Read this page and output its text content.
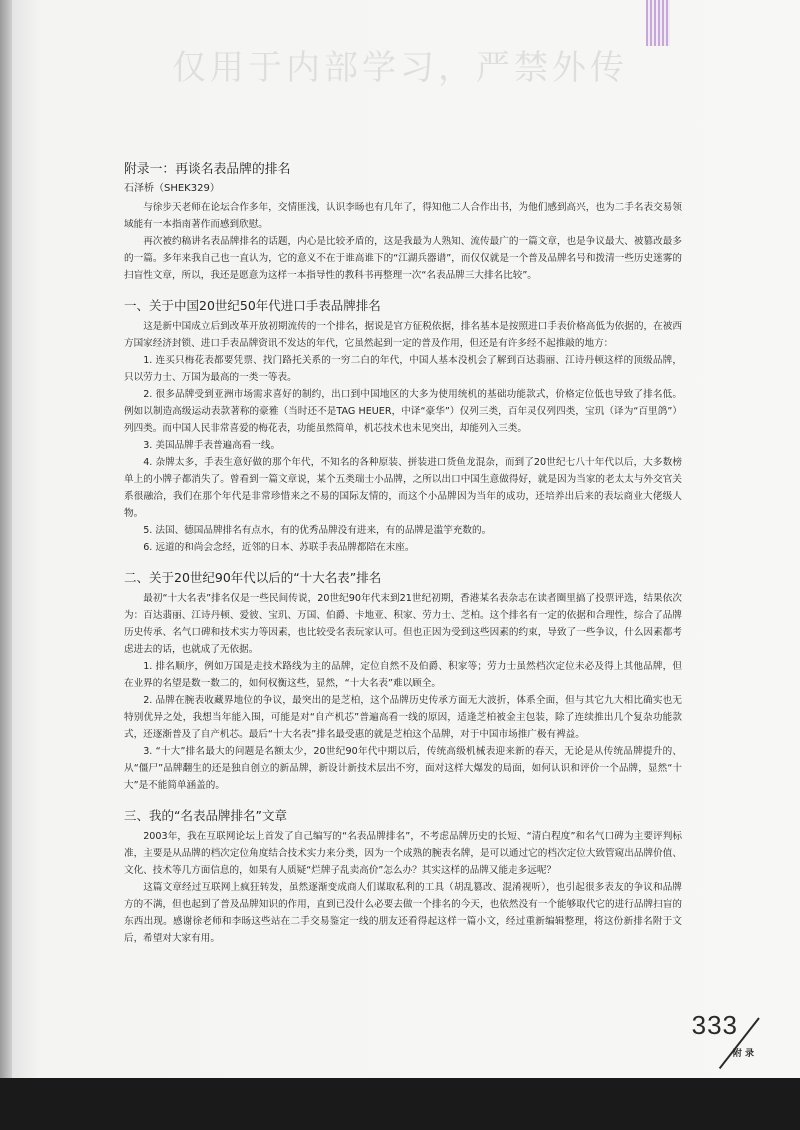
仅用于内部学习，严禁外传
附录一：再谈名表品牌的排名
石泽桥（SHEK329）

与徐步天老师在论坛合作多年，交情匪浅，认识李旸也有几年了，得知他二人合作出书，为他们感到高兴，也为二手名表交易领域能有一本指南著作而感到欣慰。

再次被约稿讲名表品牌排名的话题，内心是比较矛盾的，这是我最为人熟知、流传最广的一篇文章，也是争议最大、被篡改最多的一篇。多年来我自己也一直认为，它的意义不在于谁高谁下的“江湖兵器谱”，而仅仅就是一个普及品牌名号和拨清一些历史迷雾的扫盲性文章，所以，我还是愿意为这样一本指导性的教科书再整理一次“名表品牌三大排名比较”。

一、关于中国20世纪50年代进口手表品牌排名

这是新中国成立后到改革开放初期流传的一个排名，据说是官方征税依据，排名基本是按照进口手表价格高低为依据的，在被西方国家经济封锁、进口手表品牌资讯不发达的年代，它虽然起到一定的普及作用，但还是有许多经不起推敲的地方：

1. 连买只梅花表都要凭票、找门路托关系的一穷二白的年代，中国人基本没机会了解到百达翡丽、江诗丹顿这样的顶级品牌，只以劳力士、万国为最高的一类一等表。

2. 很多品牌受到亚洲市场需求喜好的制约，出口到中国地区的大多为使用统机的基础功能款式，价格定位低也导致了排名低。例如以制造高级运动表款著称的豪雅（当时还不是TAG HEUER，中译“豪华”）仅列三类，百年灵仅列四类，宝玑（译为“百里鸽”）列四类。而中国人民非常喜爱的梅花表，功能虽然简单，机芯技术也未见突出，却能列入三类。

3. 美国品牌手表普遍高看一线。

4. 杂牌太多，手表生意好做的那个年代，不知名的各种原装、拼装进口货鱼龙混杂，而到了20世纪七八十年代以后，大多数榜单上的小牌子都消失了。曾看到一篇文章说，某个五类瑞士小品牌，之所以出口中国生意做得好，就是因为当家的老太太与外交官关系很融洽，我们在那个年代是非常珍惜来之不易的国际友情的，而这个小品牌因为当年的成功，还培养出后来的表坛商业大佬级人物。

5. 法国、德国品牌排名有点水，有的优秀品牌没有进来，有的品牌是滥竽充数的。

6. 远道的和尚会念经，近邻的日本、苏联手表品牌都陪在末座。

二、关于20世纪90年代以后的“十大名表”排名

最初“十大名表”排名仅是一些民间传说，20世纪90年代末到21世纪初期，香港某名表杂志在读者圈里搞了投票评选，结果依次为：百达翡丽、江诗丹顿、爱彼、宝玑、万国、伯爵、卡地亚、积家、劳力士、芝柏。这个排名有一定的依据和合理性，综合了品牌历史传承、名气口碑和技术实力等因素，也比较受名表玩家认可。但也正因为受到这些因素的约束，导致了一些争议，什么因素都考虑进去的话，也就成了无依据。

1. 排名顺序，例如万国是走技术路线为主的品牌，定位自然不及伯爵、积家等；劳力士虽然档次定位未必及得上其他品牌，但在业界的名望是数一数二的，如何权衡这些，显然，“十大名表”难以顾全。

2. 品牌在腕表收藏界地位的争议，最突出的是芝柏，这个品牌历史传承方面无大波折，体系全面，但与其它九大相比确实也无特别优异之处，我想当年能入围，可能是对“自产机芯”普遍高看一线的原因，适逢芝柏被金主包装，除了连续推出几个复杂功能款式，还逐渐普及了自产机芯。最后“十大名表”排名最受惠的就是芝柏这个品牌，对于中国市场推广极有裨益。

3. “十大”排名最大的问题是名额太少，20世纪90年代中期以后，传统高级机械表迎来新的春天，无论是从传统品牌提升的、从“僵尸”品牌翻生的还是独自创立的新品牌，新设计新技术层出不穷，面对这样大爆发的局面，如何认识和评价一个品牌，显然“十大”是不能简单涵盖的。

三、我的“名表品牌排名”文章

2003年，我在互联网论坛上首发了自己编写的“名表品牌排名”，不考虑品牌历史的长短、“清白程度”和名气口碑为主要评判标准，主要是从品牌的档次定位角度结合技术实力来分类，因为一个成熟的腕表名牌，是可以通过它的档次定位大致管窥出品牌价值、文化、技术等几方面信息的，如果有人质疑“烂牌子乱卖高价”怎么办？其实这样的品牌又能走多远呢？

这篇文章经过互联网上疯狂转发，虽然逐渐变成商人们谋取私利的工具（胡乱篡改、混淆视听），也引起很多表友的争议和品牌方的不满，但也起到了普及品牌知识的作用，直到已没什么必要去做一个排名的今天，也依然没有一个能够取代它的进行品牌扫盲的东西出现。感谢徐老师和李旸这些站在二手交易鉴定一线的朋友还看得起这样一篇小文，经过重新编辑整理，将这份新排名附于文后，希望对大家有用。

333
附 录
